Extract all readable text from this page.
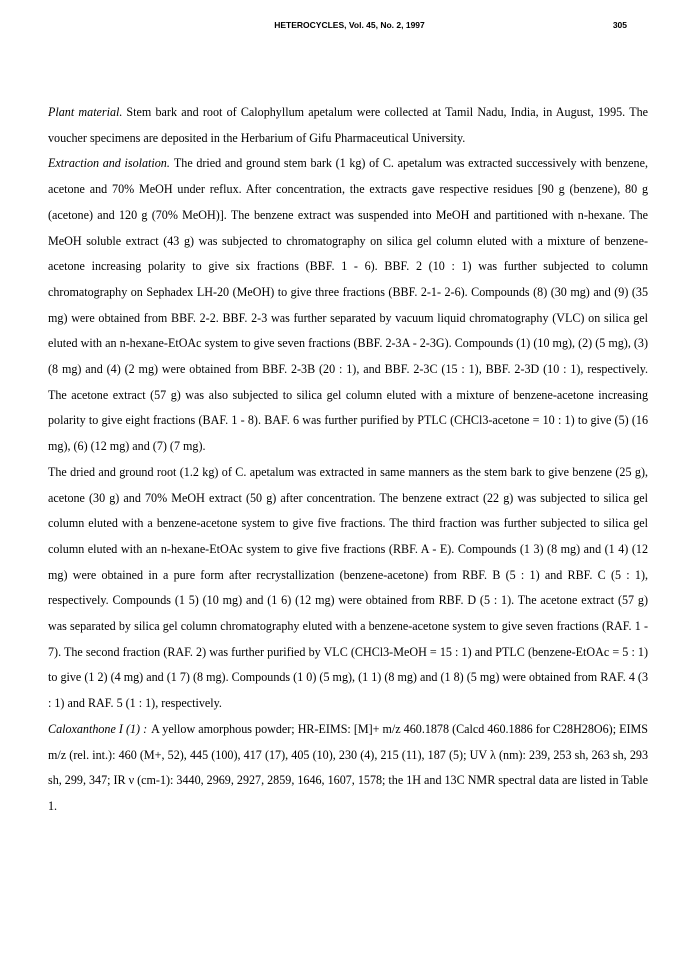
HETEROCYCLES, Vol. 45, No. 2, 1997	305

Plant material. Stem bark and root of Calophyllum apetalum were collected at Tamil Nadu, India, in August, 1995. The voucher specimens are deposited in the Herbarium of Gifu Pharmaceutical University.

Extraction and isolation. The dried and ground stem bark (1 kg) of C. apetalum was extracted successively with benzene, acetone and 70% MeOH under reflux. After concentration, the extracts gave respective residues [90 g (benzene), 80 g (acetone) and 120 g (70% MeOH)]. The benzene extract was suspended into MeOH and partitioned with n-hexane. The MeOH soluble extract (43 g) was subjected to chromatography on silica gel column eluted with a mixture of benzene-acetone increasing polarity to give six fractions (BBF. 1 - 6). BBF. 2 (10 : 1) was further subjected to column chromatography on Sephadex LH-20 (MeOH) to give three fractions (BBF. 2-1- 2-6). Compounds (8) (30 mg) and (9) (35 mg) were obtained from BBF. 2-2. BBF. 2-3 was further separated by vacuum liquid chromatography (VLC) on silica gel eluted with an n-hexane-EtOAc system to give seven fractions (BBF. 2-3A - 2-3G). Compounds (1) (10 mg), (2) (5 mg), (3) (8 mg) and (4) (2 mg) were obtained from BBF. 2-3B (20 : 1), and BBF. 2-3C (15 : 1), BBF. 2-3D (10 : 1), respectively. The acetone extract (57 g) was also subjected to silica gel column eluted with a mixture of benzene-acetone increasing polarity to give eight fractions (BAF. 1 - 8). BAF. 6 was further purified by PTLC (CHCl3-acetone = 10 : 1) to give (5) (16 mg), (6) (12 mg) and (7) (7 mg).

The dried and ground root (1.2 kg) of C. apetalum was extracted in same manners as the stem bark to give benzene (25 g), acetone (30 g) and 70% MeOH extract (50 g) after concentration. The benzene extract (22 g) was subjected to silica gel column eluted with a benzene-acetone system to give five fractions. The third fraction was further subjected to silica gel column eluted with an n-hexane-EtOAc system to give five fractions (RBF. A - E). Compounds (1 3) (8 mg) and (1 4) (12 mg) were obtained in a pure form after recrystallization (benzene-acetone) from RBF. B (5 : 1) and RBF. C (5 : 1), respectively. Compounds (1 5) (10 mg) and (1 6) (12 mg) were obtained from RBF. D (5 : 1). The acetone extract (57 g) was separated by silica gel column chromatography eluted with a benzene-acetone system to give seven fractions (RAF. 1 - 7). The second fraction (RAF. 2) was further purified by VLC (CHCl3-MeOH = 15 : 1) and PTLC (benzene-EtOAc = 5 : 1) to give (1 2) (4 mg) and (1 7) (8 mg). Compounds (1 0) (5 mg), (1 1) (8 mg) and (1 8) (5 mg) were obtained from RAF. 4 (3 : 1) and RAF. 5 (1 : 1), respectively.

Caloxanthone I (1) : A yellow amorphous powder; HR-EIMS: [M]+ m/z 460.1878 (Calcd 460.1886 for C28H28O6); EIMS m/z (rel. int.): 460 (M+, 52), 445 (100), 417 (17), 405 (10), 230 (4), 215 (11), 187 (5); UV λ (nm): 239, 253 sh, 263 sh, 293 sh, 299, 347; IR ν (cm-1): 3440, 2969, 2927, 2859, 1646, 1607, 1578; the 1H and 13C NMR spectral data are listed in Table 1.
